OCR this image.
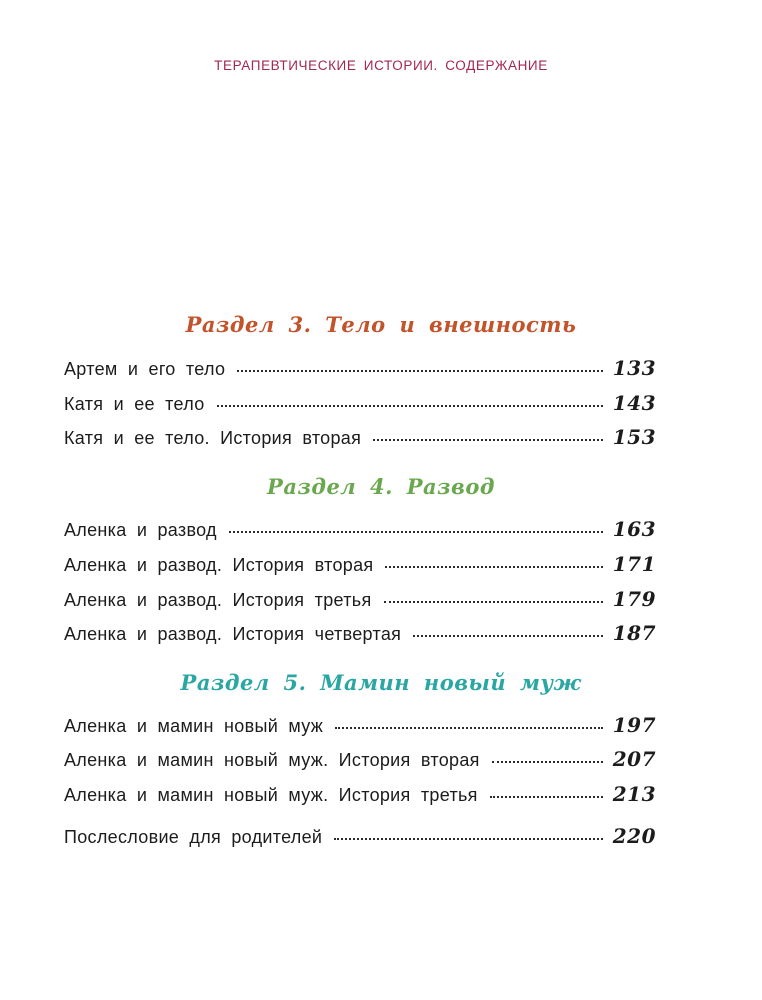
ТЕРАПЕВТИЧЕСКИЕ ИСТОРИИ. СОДЕРЖАНИЕ
Раздел 3. Тело и внешность
Артем и его тело	133
Катя и ее тело	143
Катя и ее тело. История вторая	153
Раздел 4. Развод
Аленка и развод	163
Аленка и развод. История вторая	171
Аленка и развод. История третья	179
Аленка и развод. История четвертая	187
Раздел 5. Мамин новый муж
Аленка и мамин новый муж	197
Аленка и мамин новый муж. История вторая	207
Аленка и мамин новый муж. История третья	213
Послесловие для родителей	220
